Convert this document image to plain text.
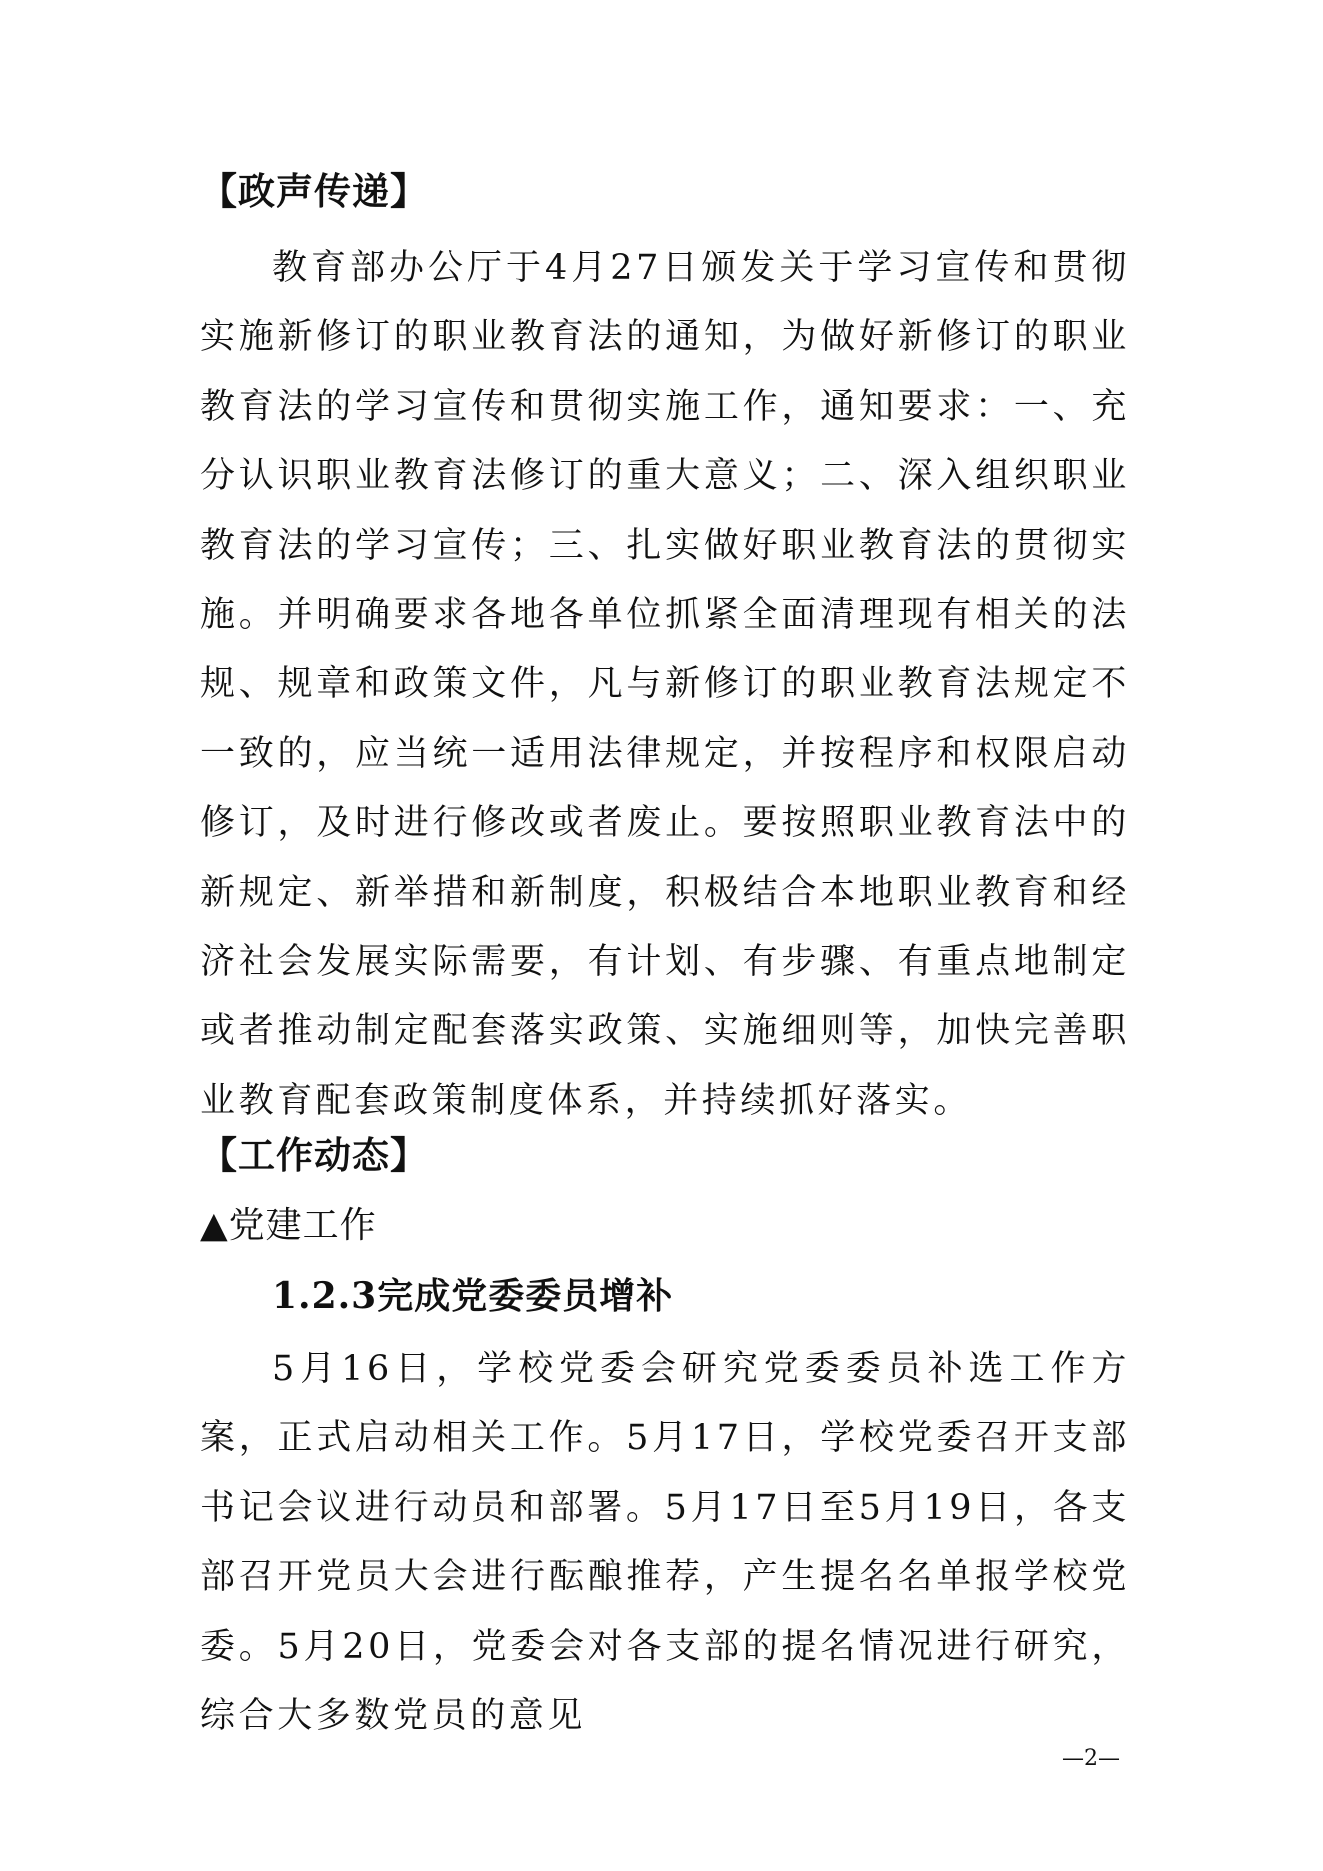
【政声传递】

教育部办公厅于4月27日颁发关于学习宣传和贯彻实施新修订的职业教育法的通知，为做好新修订的职业教育法的学习宣传和贯彻实施工作，通知要求：一、充分认识职业教育法修订的重大意义；二、深入组织职业教育法的学习宣传；三、扎实做好职业教育法的贯彻实施。并明确要求各地各单位抓紧全面清理现有相关的法规、规章和政策文件，凡与新修订的职业教育法规定不一致的，应当统一适用法律规定，并按程序和权限启动修订，及时进行修改或者废止。要按照职业教育法中的新规定、新举措和新制度，积极结合本地职业教育和经济社会发展实际需要，有计划、有步骤、有重点地制定或者推动制定配套落实政策、实施细则等，加快完善职业教育配套政策制度体系，并持续抓好落实。

【工作动态】
▲党建工作
1.2.3完成党委委员增补

5月16日，学校党委会研究党委委员补选工作方案，正式启动相关工作。5月17日，学校党委召开支部书记会议进行动员和部署。5月17日至5月19日，各支部召开党员大会进行酝酿推荐，产生提名名单报学校党委。5月20日，党委会对各支部的提名情况进行研究，综合大多数党员的意见

—2—
